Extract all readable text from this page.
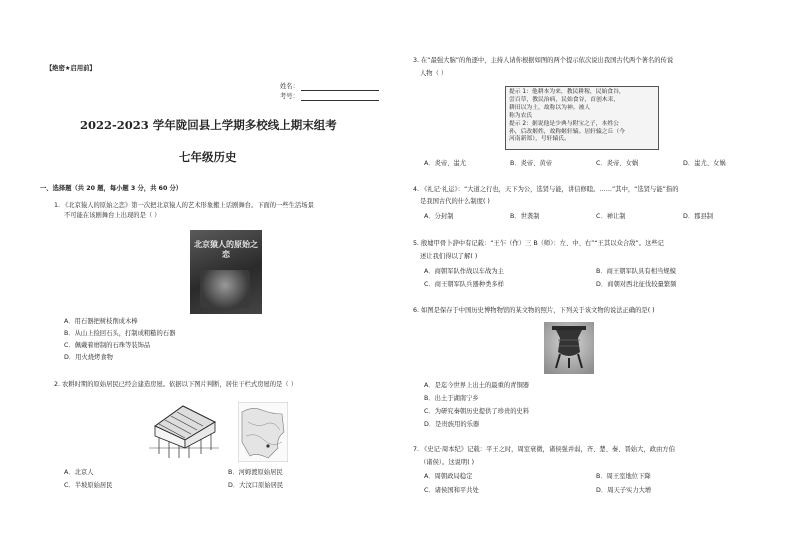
【绝密★启用前】
姓名：
考号：
2022-2023 学年陇回县上学期多校线上期末组考
七年级历史
一、选择题（共 20 题，每小题 3 分，共 60 分）
1. 《北京猿人的原始之恋》第一次把北京猿人的艺术形象搬上话剧舞台。下面的一些生活场景
不可能在该剧舞台上出现的是（ ）
北京猿人的原始之恋
A．用石器把树枝削成木棒
B．从山上捡回石头，打制成粗糙的石器
C．佩戴着磨制的石珠等装饰品
D．用火烧烤食物
2. 农耕时期的原始居民已经会建造房屋。依据以下图片判断，居住干栏式房屋的是（ ）
A．北京人	B．河姆渡原始居民
C．半坡原始居民	D．大汶口原始居民
3. 在“最强大脑”的角逐中，主持人请你根据如图的两个提示依次说出我国古代两个著名的传说
人物（ ）
提示 1：他耕本为来，教民耕稼，民始食谷，
尝百草，教民治病，民始食谷，首创木耒，
耕田以为土，故称以为神。被人
称为农氏
提示 2：据说他是少典与附宝之子，本姓公
孙，后改姬姓，故称姬轩辕。居轩辕之丘（今
河南新郑），号轩辕氏。
A．炎帝、蚩尤	B．炎帝、黄帝	C．炎帝、女娲	D．蚩尤、女娲
4. 《礼记·礼运》：“大道之行也，天下为公，选贤与能，讲信修睦。……”其中，“选贤与能”指的
是我国古代的什么制度( )
A．分封制	B．世袭制	C．禅让制	D．郡县制
5. 殷墟甲骨卜辞中有记载：“王乍（作）三 B（师）：左、中、右”“王其以众合敌”。这些记
述让我们得以了解( )
A．商朝军队作战以车战为主	B．商王朝军队具有相当规模
C．商王朝军队兵器种类多样	D．商朝对西北征伐较量繁频
6. 如图是保存于中国历史博物物馆的某文物的照片，下列关于该文物的说法正确的是( )
A．是迄今世界上出土的最重的青铜器
B．出土于湖南宁乡
C．为研究秦朝历史提供了珍贵的史料
D．是贵族用的乐器
7. 《史记·周本纪》记载：平王之时，周室衰微，诸侯强并弱，齐、楚、秦、晋始大，政由方伯
（诸侯）。这说明( )
A．周朝政局稳定	B．周王室地位下降
C．诸侯国和平共处	D．周天子实力大增
